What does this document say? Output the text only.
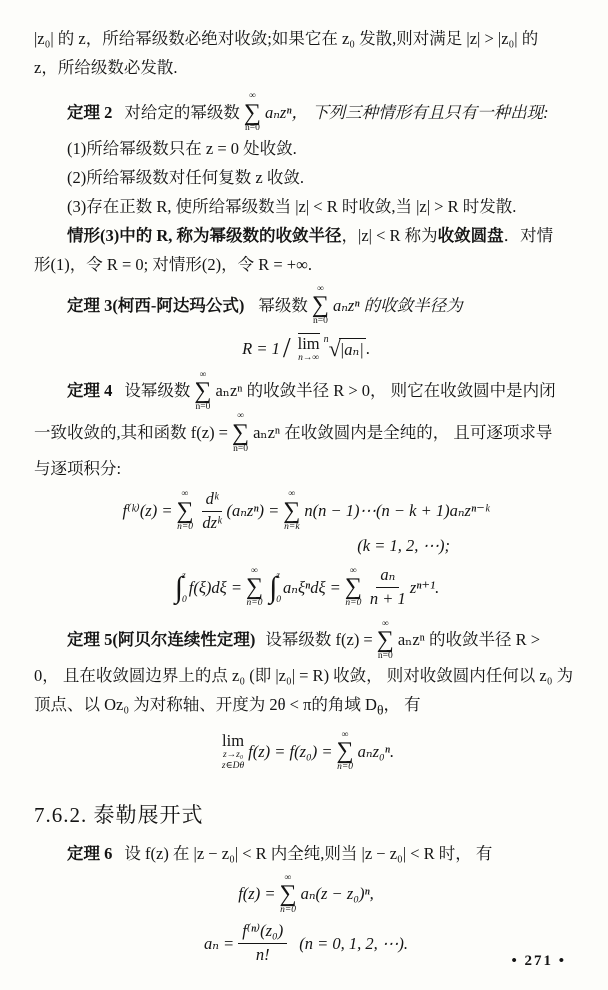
|z₀| 的 z，所给幂级数必绝对收敛;如果它在 z₀ 发散,则对满足 |z| > |z₀| 的
z，所给级数必发散.
定理 2 对给定的幂级数
∞
∑
n=0
aₙzⁿ， 下列三种情形有且只有一种出现:
(1)所给幂级数只在 z = 0 处收敛.
(2)所给幂级数对任何复数 z 收敛.
(3)存在正数 R, 使所给幂级数当 |z| < R 时收敛,当 |z| > R 时发散.
情形(3)中的 R, 称为幂级数的收敛半径，|z| < R 称为收敛圆盘．对情
形(1)，令 R = 0; 对情形(2)，令 R = +∞.
定理 3(柯西-阿达玛公式) 幂级数
∞
∑
n=0
aₙzⁿ 的收敛半径为
R = 1 / lim
n→∞
n √ |aₙ| .
定理 4 设幂级数
∞
∑
n=0
aₙzⁿ 的收敛半径 R > 0， 则它在收敛圆中是内闭
一致收敛的,其和函数 f(z) =
∞
∑
n=0
aₙzⁿ 在收敛圆内是全纯的， 且可逐项求导
与逐项积分:
f⁽ᵏ⁾(z) =
∞
∑
$n=0 \frac{\text{dᵏ}}{\text{dzᵏ}} (a_nz^n)$ =
∞
∑
n=k
n(n − 1)⋯(n − k + 1)aₙzⁿ⁻ᵏ
(k = 1, 2, ⋯);
∫ z
0
f(ξ)dξ =
∞
∑
n=0 ∫ z
0
aₙξⁿdξ =
∞
∑
$n=0 \frac{\text{aₙ}}{n + 1} z^{n+1}$.
定理 5(阿贝尔连续性定理) 设幂级数 f(z) =
∞
∑
n=0
aₙzⁿ 的收敛半径 R >
0， 且在收敛圆边界上的点 z₀ (即 |z₀| = R) 收敛， 则对收敛圆内任何以 z₀ 为
顶点、以 Oz₀ 为对称轴、开度为 2θ < π的角域 $D_\theta$， 有
lim
z→z₀
z∈Dθ
f(z) = f(z₀) =
∞
∑
n=0
aₙz₀ⁿ.
7.6.2. 泰勒展开式
定理 6 设 f(z) 在 |z − z₀| < R 内全纯,则当 |z − z₀| < R 时， 有
f(z) =
∞
∑
n=0
aₙ(z − z₀)ⁿ,
$a_n = \frac{\text{f⁽ⁿ⁾(z₀)}}{n!} (n = 0$, 1, 2, ⋯).
• 271 •
